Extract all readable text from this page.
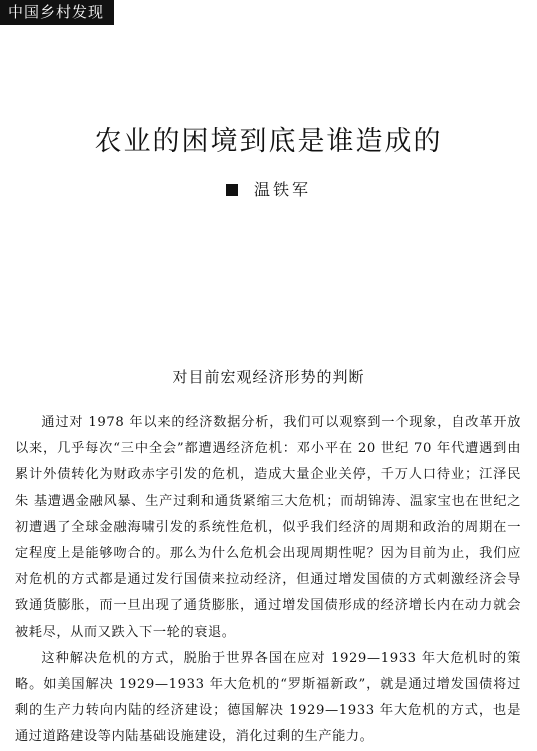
中国乡村发现
农业的困境到底是谁造成的
温铁军
对目前宏观经济形势的判断

通过对 1978 年以来的经济数据分析，我们可以观察到一个现象，自改革开放以来，几乎每次“三中全会”都遭遇经济危机：邓小平在 20 世纪 70 年代遭遇到由累计外债转化为财政赤字引发的危机，造成大量企业关停，千万人口待业；江泽民朱 基遭遇金融风暴、生产过剩和通货紧缩三大危机；而胡锦涛、温家宝也在世纪之初遭遇了全球金融海啸引发的系统性危机，似乎我们经济的周期和政治的周期在一定程度上是能够吻合的。那么为什么危机会出现周期性呢？因为目前为止，我们应对危机的方式都是通过发行国债来拉动经济，但通过增发国债的方式刺激经济会导致通货膨胀，而一旦出现了通货膨胀，通过增发国债形成的经济增长内在动力就会被耗尽，从而又跌入下一轮的衰退。

这种解决危机的方式，脱胎于世界各国在应对 1929—1933 年大危机时的策略。如美国解决 1929—1933 年大危机的“罗斯福新政”，就是通过增发国债将过剩的生产力转向内陆的经济建设；德国解决 1929—1933 年大危机的方式，也是通过道路建设等内陆基础设施建设，消化过剩的生产能力。
